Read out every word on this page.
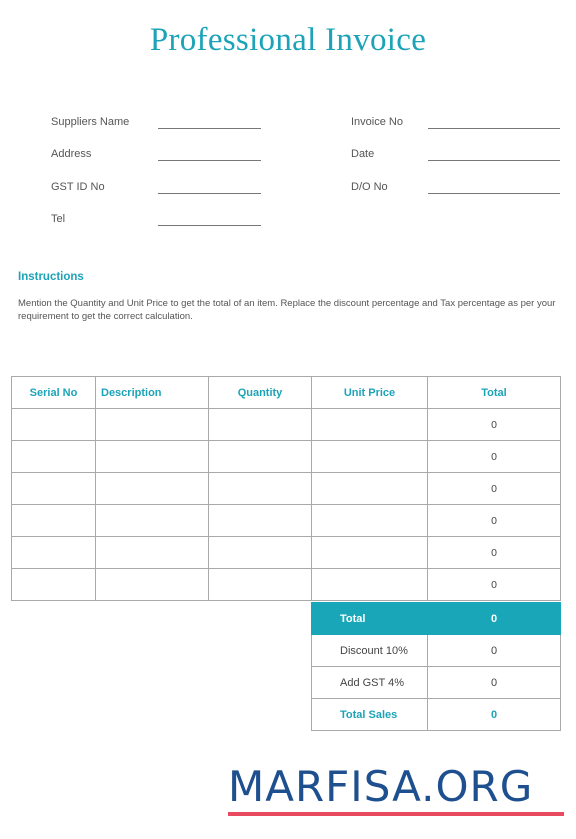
Professional Invoice
Suppliers Name
Address
GST ID No
Tel
Invoice No
Date
D/O No
Instructions
Mention the Quantity and Unit Price to get the total of an item. Replace the discount percentage and Tax percentage as per your requirement to get the correct calculation.
Serial No	Description	Quantity	Unit Price	Total
				0
				0
				0
				0
				0
				0
Total	0
Discount 10%	0
Add GST 4%	0
Total Sales	0
MARFISA.ORG
